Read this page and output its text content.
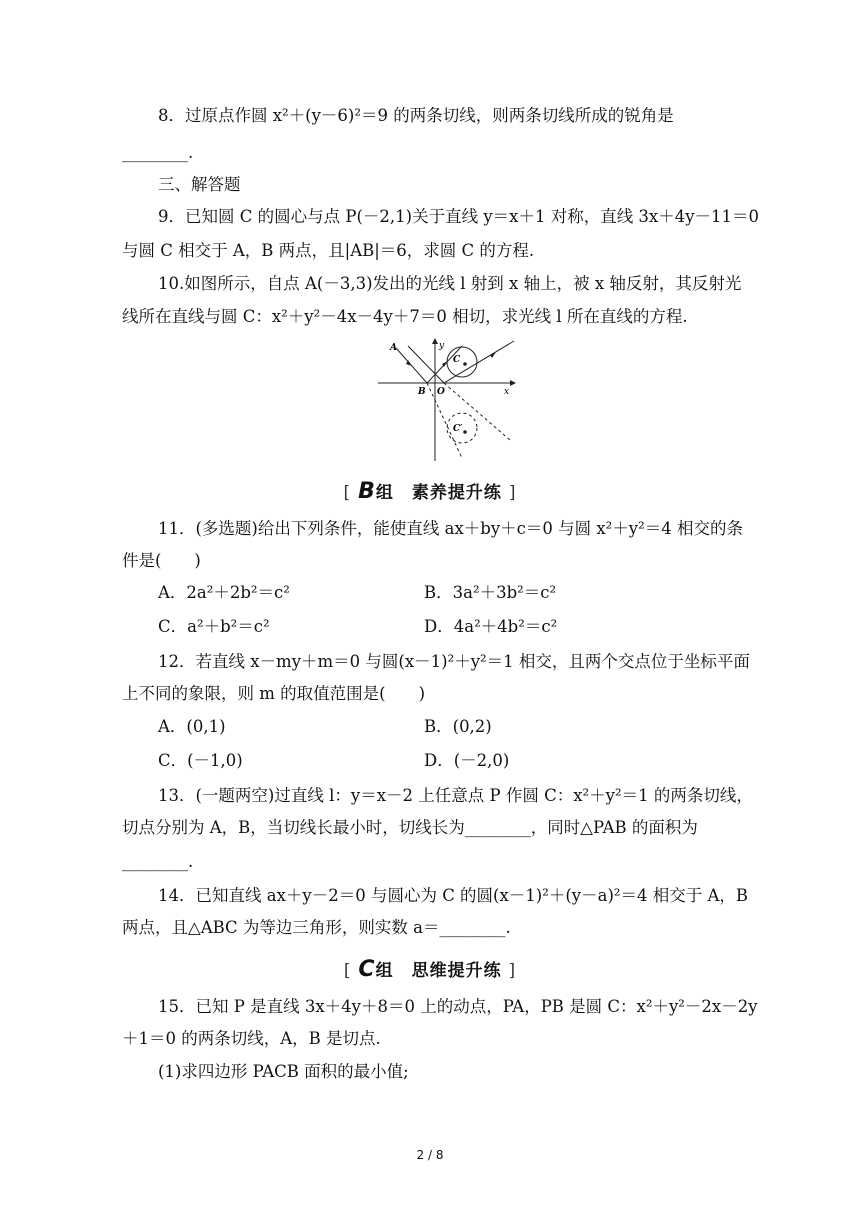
8．过原点作圆 x²＋(y－6)²＝9 的两条切线，则两条切线所成的锐角是
________.
三、解答题
9．已知圆 C 的圆心与点 P(－2,1)关于直线 y＝x＋1 对称，直线 3x＋4y－11＝0
与圆 C 相交于 A，B 两点，且|AB|＝6，求圆 C 的方程.
10.如图所示，自点 A(－3,3)发出的光线 l 射到 x 轴上，被 x 轴反射，其反射光
线所在直线与圆 C：x²＋y²－4x－4y＋7＝0 相切，求光线 l 所在直线的方程.
y
x
A
B O
C
C′
[ B组　素养提升练 ]
11．(多选题)给出下列条件，能使直线 ax＋by＋c＝0 与圆 x²＋y²＝4 相交的条
件是(　　)
A．2a²＋2b²＝c²	B．3a²＋3b²＝c²
C．a²＋b²＝c²	D．4a²＋4b²＝c²
12．若直线 x－my＋m＝0 与圆(x－1)²＋y²＝1 相交，且两个交点位于坐标平面
上不同的象限，则 m 的取值范围是(　　)
A．(0,1)	B．(0,2)
C．(－1,0)	D．(－2,0)
13．(一题两空)过直线 l：y＝x－2 上任意点 P 作圆 C：x²＋y²＝1 的两条切线，
切点分别为 A，B，当切线长最小时，切线长为________，同时△PAB 的面积为
________.
14．已知直线 ax＋y－2＝0 与圆心为 C 的圆(x－1)²＋(y－a)²＝4 相交于 A，B
两点，且△ABC 为等边三角形，则实数 a＝________.
[ C组　思维提升练 ]
15．已知 P 是直线 3x＋4y＋8＝0 上的动点，PA，PB 是圆 C：x²＋y²－2x－2y
＋1＝0 的两条切线，A，B 是切点.
(1)求四边形 PACB 面积的最小值;
2 / 8
